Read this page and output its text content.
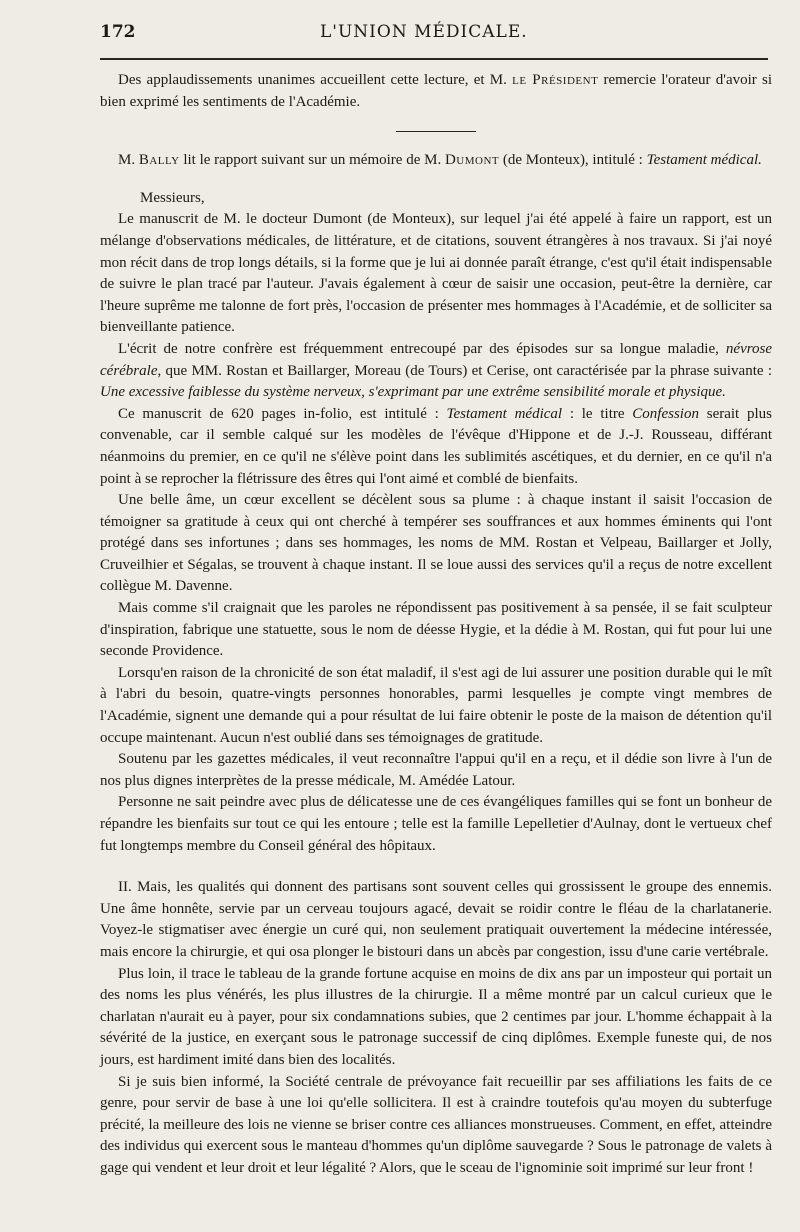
172	L'UNION MÉDICALE.

Des applaudissements unanimes accueillent cette lecture, et M. le Président remercie l'orateur d'avoir si bien exprimé les sentiments de l'Académie.

M. Bally lit le rapport suivant sur un mémoire de M. Dumont (de Monteux), intitulé : Testament médical.

Messieurs,

Le manuscrit de M. le docteur Dumont (de Monteux), sur lequel j'ai été appelé à faire un rapport, est un mélange d'observations médicales, de littérature, et de citations, souvent étrangères à nos travaux. Si j'ai noyé mon récit dans de trop longs détails, si la forme que je lui ai donnée paraît étrange, c'est qu'il était indispensable de suivre le plan tracé par l'auteur. J'avais également à cœur de saisir une occasion, peut-être la dernière, car l'heure suprême me talonne de fort près, l'occasion de présenter mes hommages à l'Académie, et de solliciter sa bienveillante patience.

L'écrit de notre confrère est fréquemment entrecoupé par des épisodes sur sa longue maladie, névrose cérébrale, que MM. Rostan et Baillarger, Moreau (de Tours) et Cerise, ont caractérisée par la phrase suivante : Une excessive faiblesse du système nerveux, s'exprimant par une extrême sensibilité morale et physique.

Ce manuscrit de 620 pages in-folio, est intitulé : Testament médical : le titre Confession serait plus convenable, car il semble calqué sur les modèles de l'évêque d'Hippone et de J.-J. Rousseau, différant néanmoins du premier, en ce qu'il ne s'élève point dans les sublimités ascétiques, et du dernier, en ce qu'il n'a point à se reprocher la flétrissure des êtres qui l'ont aimé et comblé de bienfaits.

Une belle âme, un cœur excellent se décèlent sous sa plume : à chaque instant il saisit l'occasion de témoigner sa gratitude à ceux qui ont cherché à tempérer ses souffrances et aux hommes éminents qui l'ont protégé dans ses infortunes ; dans ses hommages, les noms de MM. Rostan et Velpeau, Baillarger et Jolly, Cruveilhier et Ségalas, se trouvent à chaque instant. Il se loue aussi des services qu'il a reçus de notre excellent collègue M. Davenne.

Mais comme s'il craignait que les paroles ne répondissent pas positivement à sa pensée, il se fait sculpteur d'inspiration, fabrique une statuette, sous le nom de déesse Hygie, et la dédie à M. Rostan, qui fut pour lui une seconde Providence.

Lorsqu'en raison de la chronicité de son état maladif, il s'est agi de lui assurer une position durable qui le mît à l'abri du besoin, quatre-vingts personnes honorables, parmi lesquelles je compte vingt membres de l'Académie, signent une demande qui a pour résultat de lui faire obtenir le poste de la maison de détention qu'il occupe maintenant. Aucun n'est oublié dans ses témoignages de gratitude.

Soutenu par les gazettes médicales, il veut reconnaître l'appui qu'il en a reçu, et il dédie son livre à l'un de nos plus dignes interprètes de la presse médicale, M. Amédée Latour.

Personne ne sait peindre avec plus de délicatesse une de ces évangéliques familles qui se font un bonheur de répandre les bienfaits sur tout ce qui les entoure ; telle est la famille Lepelletier d'Aulnay, dont le vertueux chef fut longtemps membre du Conseil général des hôpitaux.

II. Mais, les qualités qui donnent des partisans sont souvent celles qui grossissent le groupe des ennemis. Une âme honnête, servie par un cerveau toujours agacé, devait se roidir contre le fléau de la charlatanerie. Voyez-le stigmatiser avec énergie un curé qui, non seulement pratiquait ouvertement la médecine intéressée, mais encore la chirurgie, et qui osa plonger le bistouri dans un abcès par congestion, issu d'une carie vertébrale.

Plus loin, il trace le tableau de la grande fortune acquise en moins de dix ans par un imposteur qui portait un des noms les plus vénérés, les plus illustres de la chirurgie. Il a même montré par un calcul curieux que le charlatan n'aurait eu à payer, pour six condamnations subies, que 2 centimes par jour. L'homme échappait à la sévérité de la justice, en exerçant sous le patronage successif de cinq diplômes. Exemple funeste qui, de nos jours, est hardiment imité dans bien des localités.

Si je suis bien informé, la Société centrale de prévoyance fait recueillir par ses affiliations les faits de ce genre, pour servir de base à une loi qu'elle sollicitera. Il est à craindre toutefois qu'au moyen du subterfuge précité, la meilleure des lois ne vienne se briser contre ces alliances monstrueuses. Comment, en effet, atteindre des individus qui exercent sous le manteau d'hommes qu'un diplôme sauvegarde ? Sous le patronage de valets à gage qui vendent et leur droit et leur légalité ? Alors, que le sceau de l'ignominie soit imprimé sur leur front !
